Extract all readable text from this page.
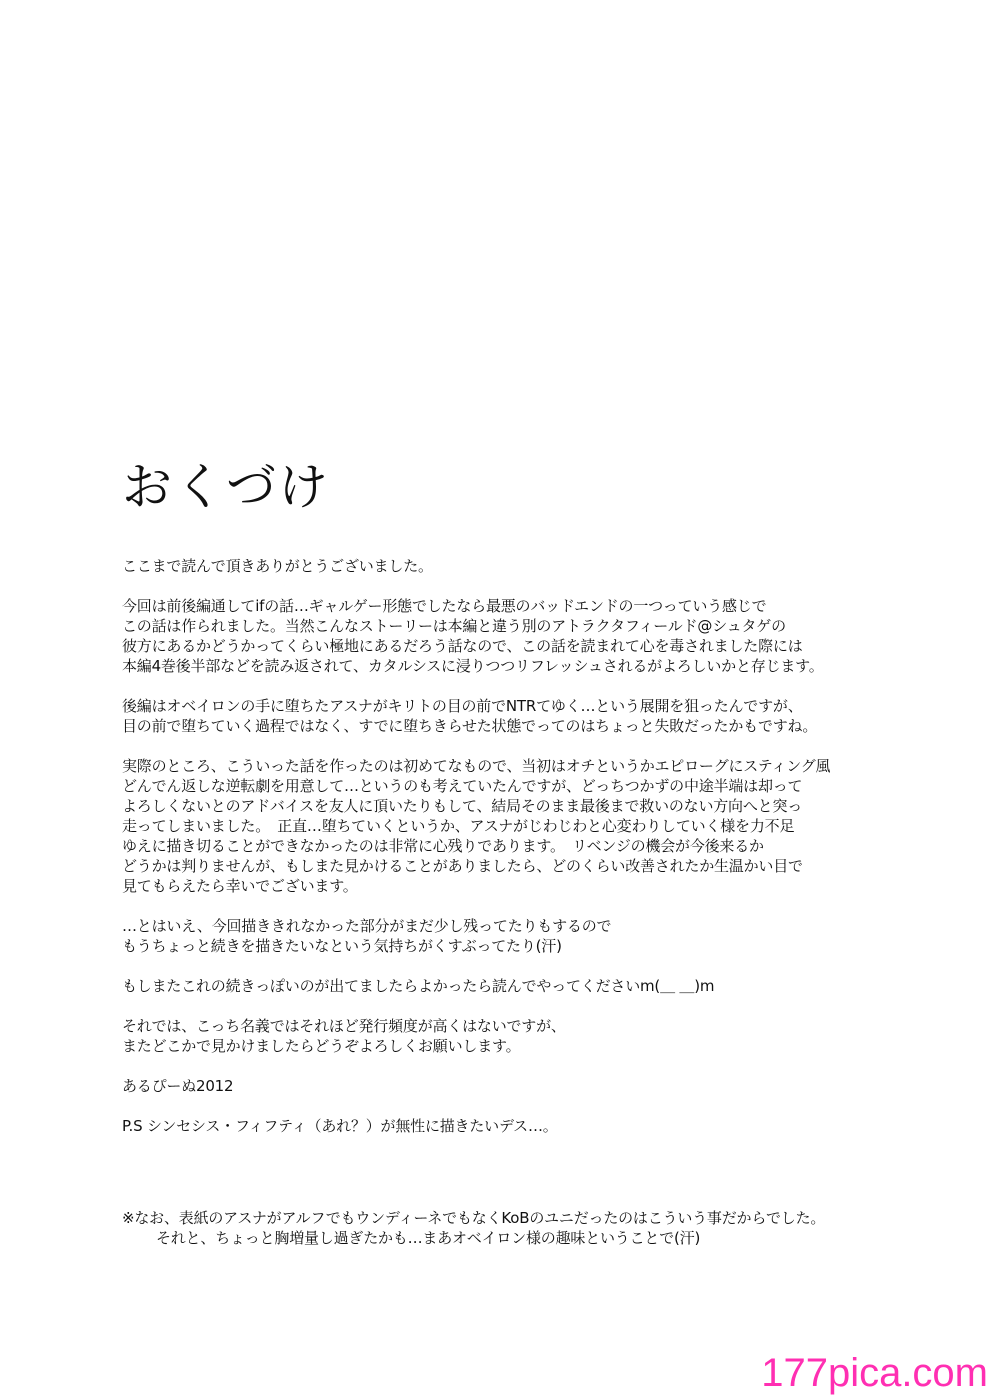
おくづけ

ここまで読んで頂きありがとうございました。

今回は前後編通してifの話…ギャルゲー形態でしたなら最悪のバッドエンドの一つっていう感じで
この話は作られました。当然こんなストーリーは本編と違う別のアトラクタフィールド@シュタゲの
彼方にあるかどうかってくらい極地にあるだろう話なので、この話を読まれて心を毒されました際には
本編4巻後半部などを読み返されて、カタルシスに浸りつつリフレッシュされるがよろしいかと存じます。

後編はオベイロンの手に堕ちたアスナがキリトの目の前でNTRてゆく…という展開を狙ったんですが、
目の前で堕ちていく過程ではなく、すでに堕ちきらせた状態でってのはちょっと失敗だったかもですね。

実際のところ、こういった話を作ったのは初めてなもので、当初はオチというかエピローグにスティング風
どんでん返しな逆転劇を用意して…というのも考えていたんですが、どっちつかずの中途半端は却って
よろしくないとのアドバイスを友人に頂いたりもして、結局そのまま最後まで救いのない方向へと突っ
走ってしまいました。　正直…堕ちていくというか、アスナがじわじわと心変わりしていく様を力不足
ゆえに描き切ることができなかったのは非常に心残りであります。　リベンジの機会が今後来るか
どうかは判りませんが、もしまた見かけることがありましたら、どのくらい改善されたか生温かい目で
見てもらえたら幸いでございます。

…とはいえ、今回描ききれなかった部分がまだ少し残ってたりもするので
もうちょっと続きを描きたいなという気持ちがくすぶってたり(汗)

もしまたこれの続きっぽいのが出てましたらよかったら読んでやってくださいm(＿ ＿)m

それでは、こっち名義ではそれほど発行頻度が高くはないですが、
またどこかで見かけましたらどうぞよろしくお願いします。

あるぴーぬ2012

P.S シンセシス・フィフティ（あれ？）が無性に描きたいデス…。

※なお、表紙のアスナがアルフでもウンディーネでもなくKoBのユニだったのはこういう事だからでした。
それと、ちょっと胸増量し過ぎたかも…まあオベイロン様の趣味ということで(汗)
177pica.com
